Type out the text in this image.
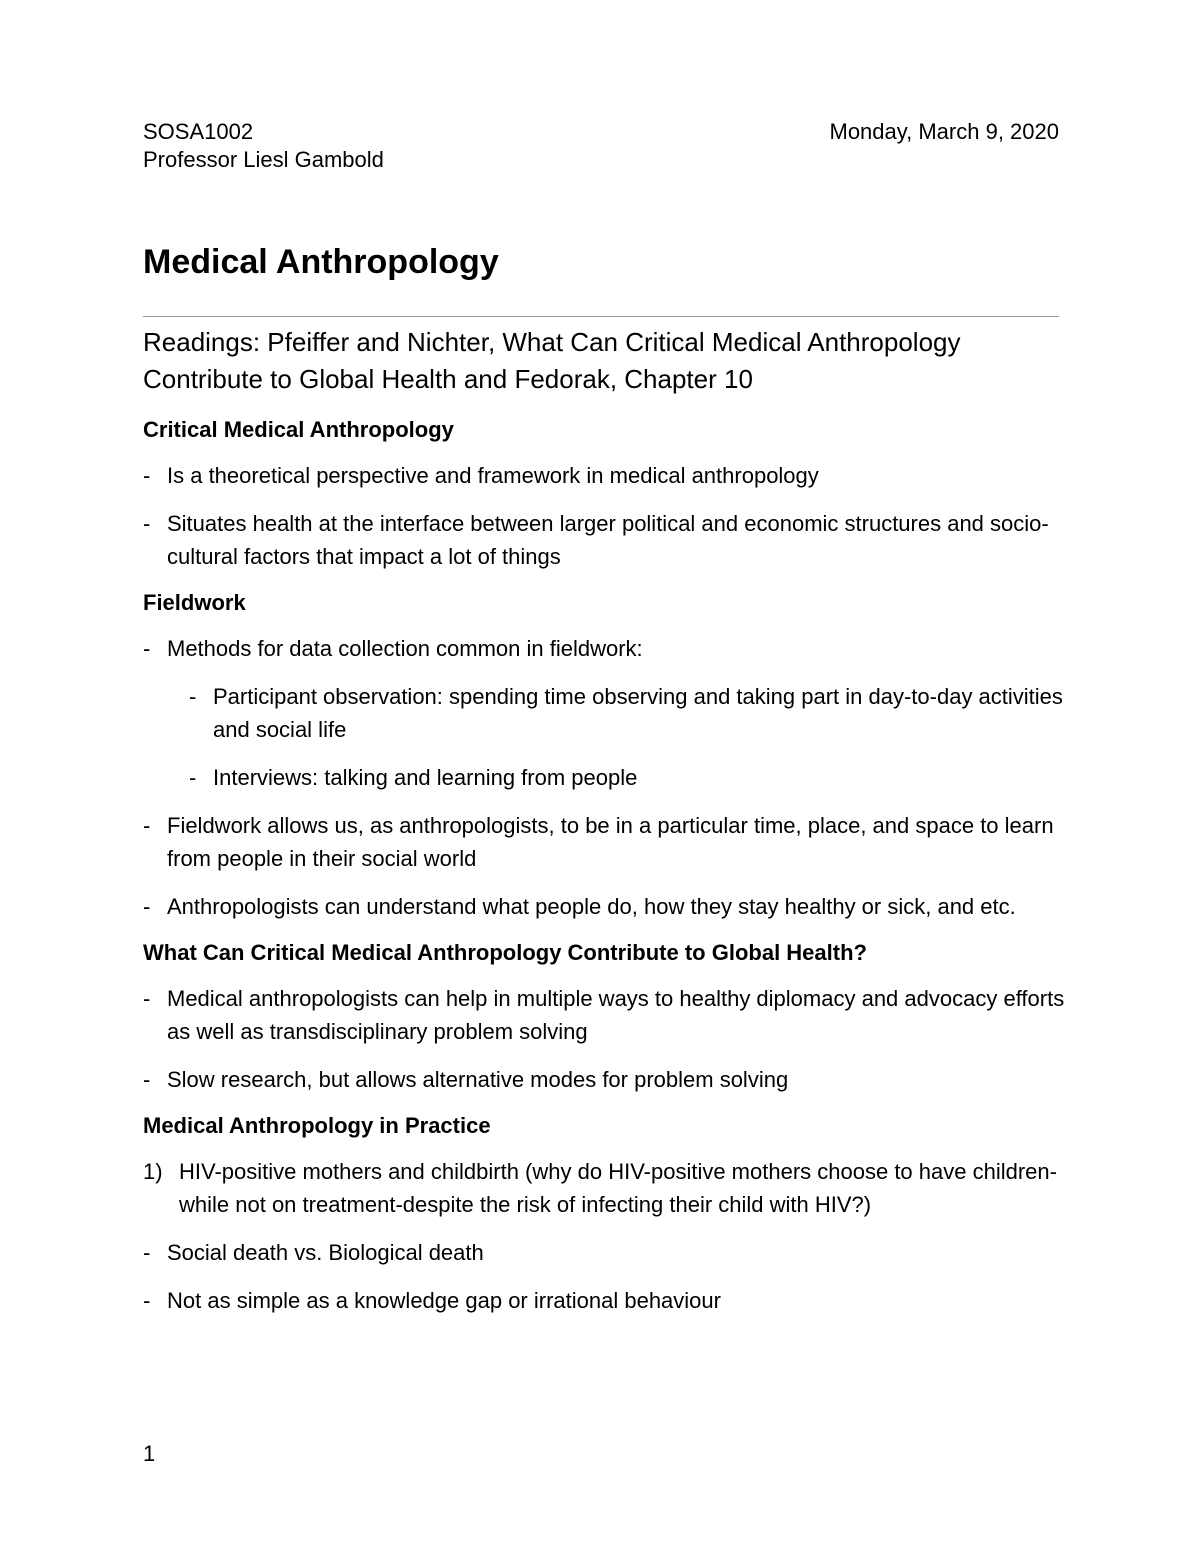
SOSA1002
Professor Liesl Gambold
Monday, March 9, 2020
Medical Anthropology

Readings: Pfeiffer and Nichter, What Can Critical Medical Anthropology Contribute to Global Health and Fedorak, Chapter 10

Critical Medical Anthropology
- Is a theoretical perspective and framework in medical anthropology
- Situates health at the interface between larger political and economic structures and socio-cultural factors that impact a lot of things
Fieldwork
- Methods for data collection common in fieldwork:
- Participant observation: spending time observing and taking part in day-to-day activities and social life
- Interviews: talking and learning from people
- Fieldwork allows us, as anthropologists, to be in a particular time, place, and space to learn from people in their social world
- Anthropologists can understand what people do, how they stay healthy or sick, and etc.
What Can Critical Medical Anthropology Contribute to Global Health?
- Medical anthropologists can help in multiple ways to healthy diplomacy and advocacy efforts as well as transdisciplinary problem solving
- Slow research, but allows alternative modes for problem solving
Medical Anthropology in Practice
1) HIV-positive mothers and childbirth (why do HIV-positive mothers choose to have children-while not on treatment-despite the risk of infecting their child with HIV?)
- Social death vs. Biological death
- Not as simple as a knowledge gap or irrational behaviour
1
